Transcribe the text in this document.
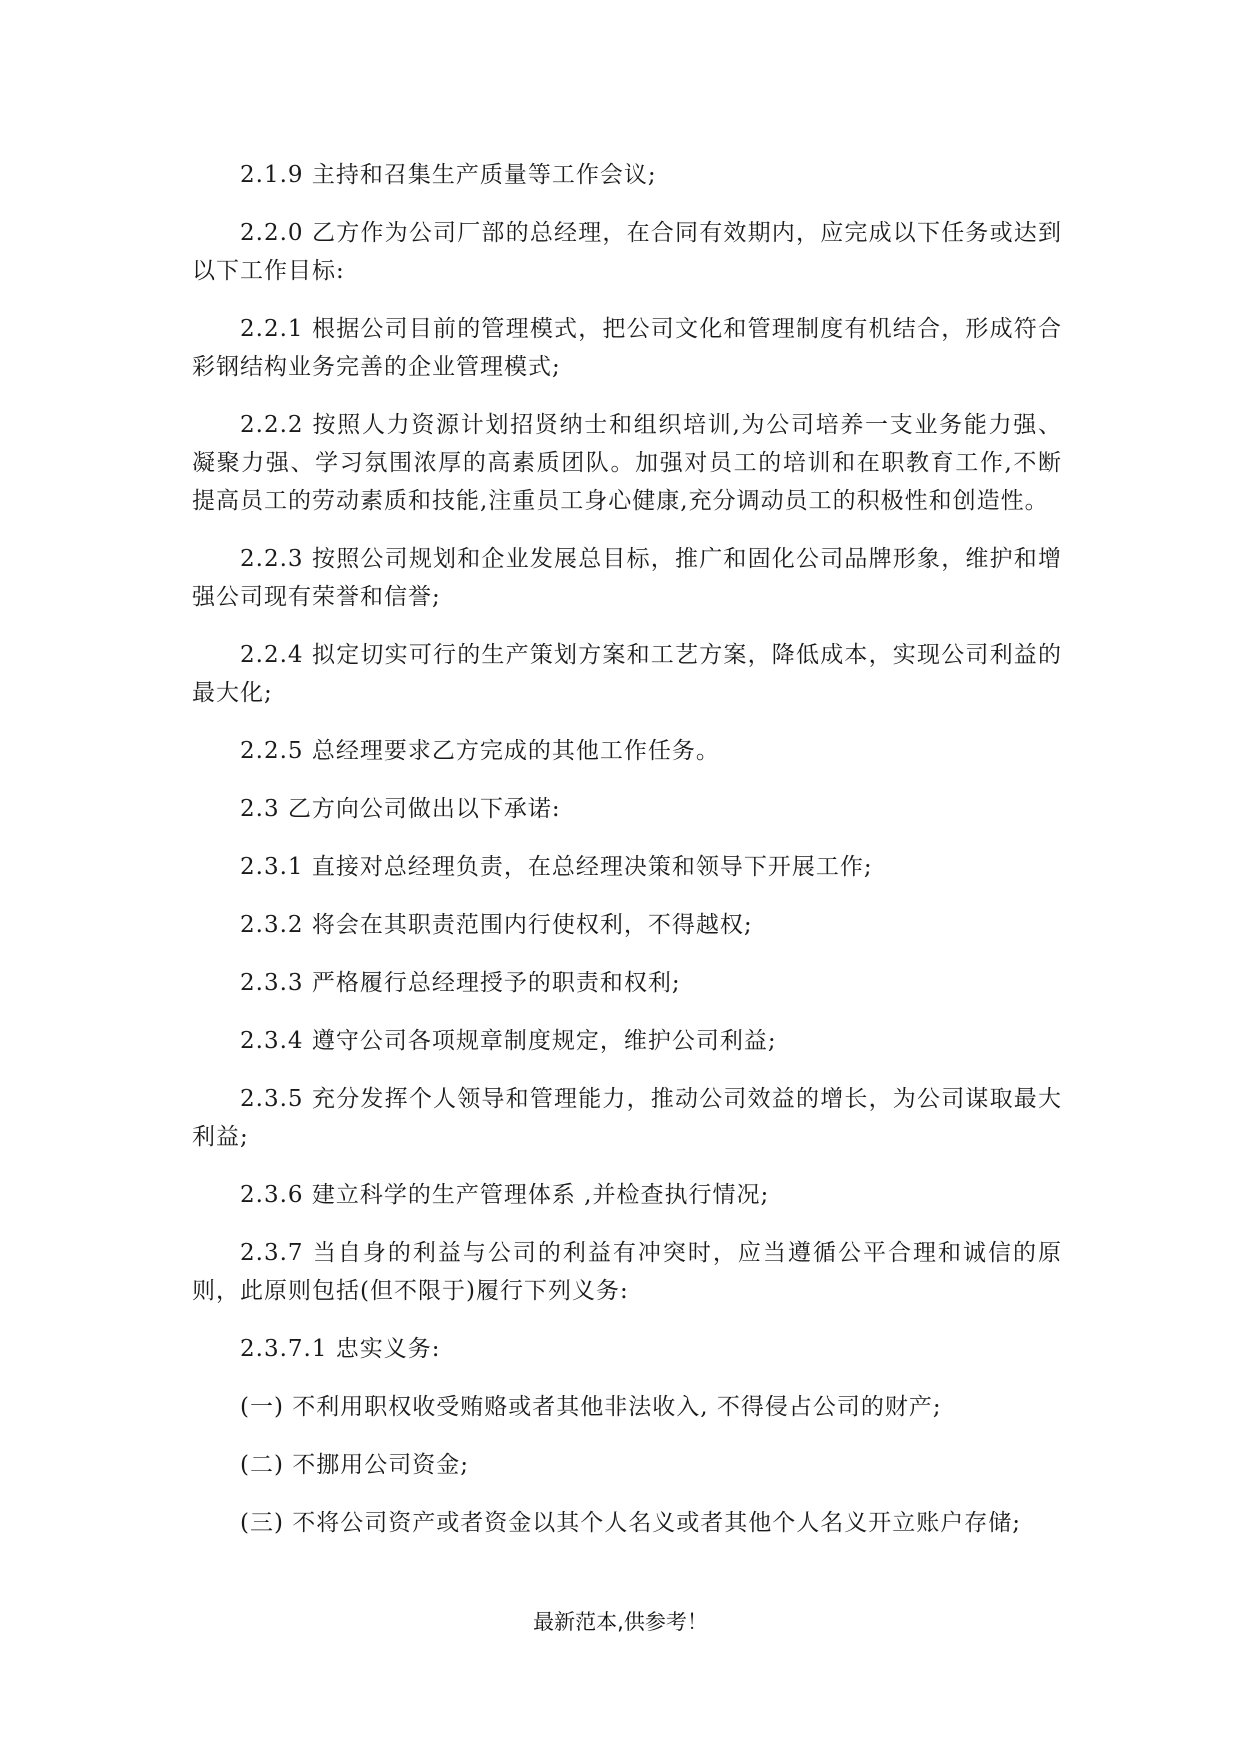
2.1.9 主持和召集生产质量等工作会议;

2.2.0 乙方作为公司厂部的总经理，在合同有效期内，应完成以下任务或达到以下工作目标:

2.2.1 根据公司目前的管理模式，把公司文化和管理制度有机结合，形成符合彩钢结构业务完善的企业管理模式;

2.2.2 按照人力资源计划招贤纳士和组织培训,为公司培养一支业务能力强、凝聚力强、学习氛围浓厚的高素质团队。加强对员工的培训和在职教育工作,不断提高员工的劳动素质和技能,注重员工身心健康,充分调动员工的积极性和创造性。

2.2.3 按照公司规划和企业发展总目标，推广和固化公司品牌形象，维护和增强公司现有荣誉和信誉;

2.2.4 拟定切实可行的生产策划方案和工艺方案，降低成本，实现公司利益的最大化;

2.2.5 总经理要求乙方完成的其他工作任务。

2.3 乙方向公司做出以下承诺:

2.3.1 直接对总经理负责，在总经理决策和领导下开展工作;

2.3.2 将会在其职责范围内行使权利，不得越权;

2.3.3 严格履行总经理授予的职责和权利;

2.3.4 遵守公司各项规章制度规定，维护公司利益;

2.3.5 充分发挥个人领导和管理能力，推动公司效益的增长，为公司谋取最大利益;

2.3.6 建立科学的生产管理体系 ,并检查执行情况;

2.3.7 当自身的利益与公司的利益有冲突时，应当遵循公平合理和诚信的原则，此原则包括(但不限于)履行下列义务:

2.3.7.1 忠实义务:

(一) 不利用职权收受贿赂或者其他非法收入, 不得侵占公司的财产;

(二) 不挪用公司资金;

(三) 不将公司资产或者资金以其个人名义或者其他个人名义开立账户存储;

最新范本,供参考！
